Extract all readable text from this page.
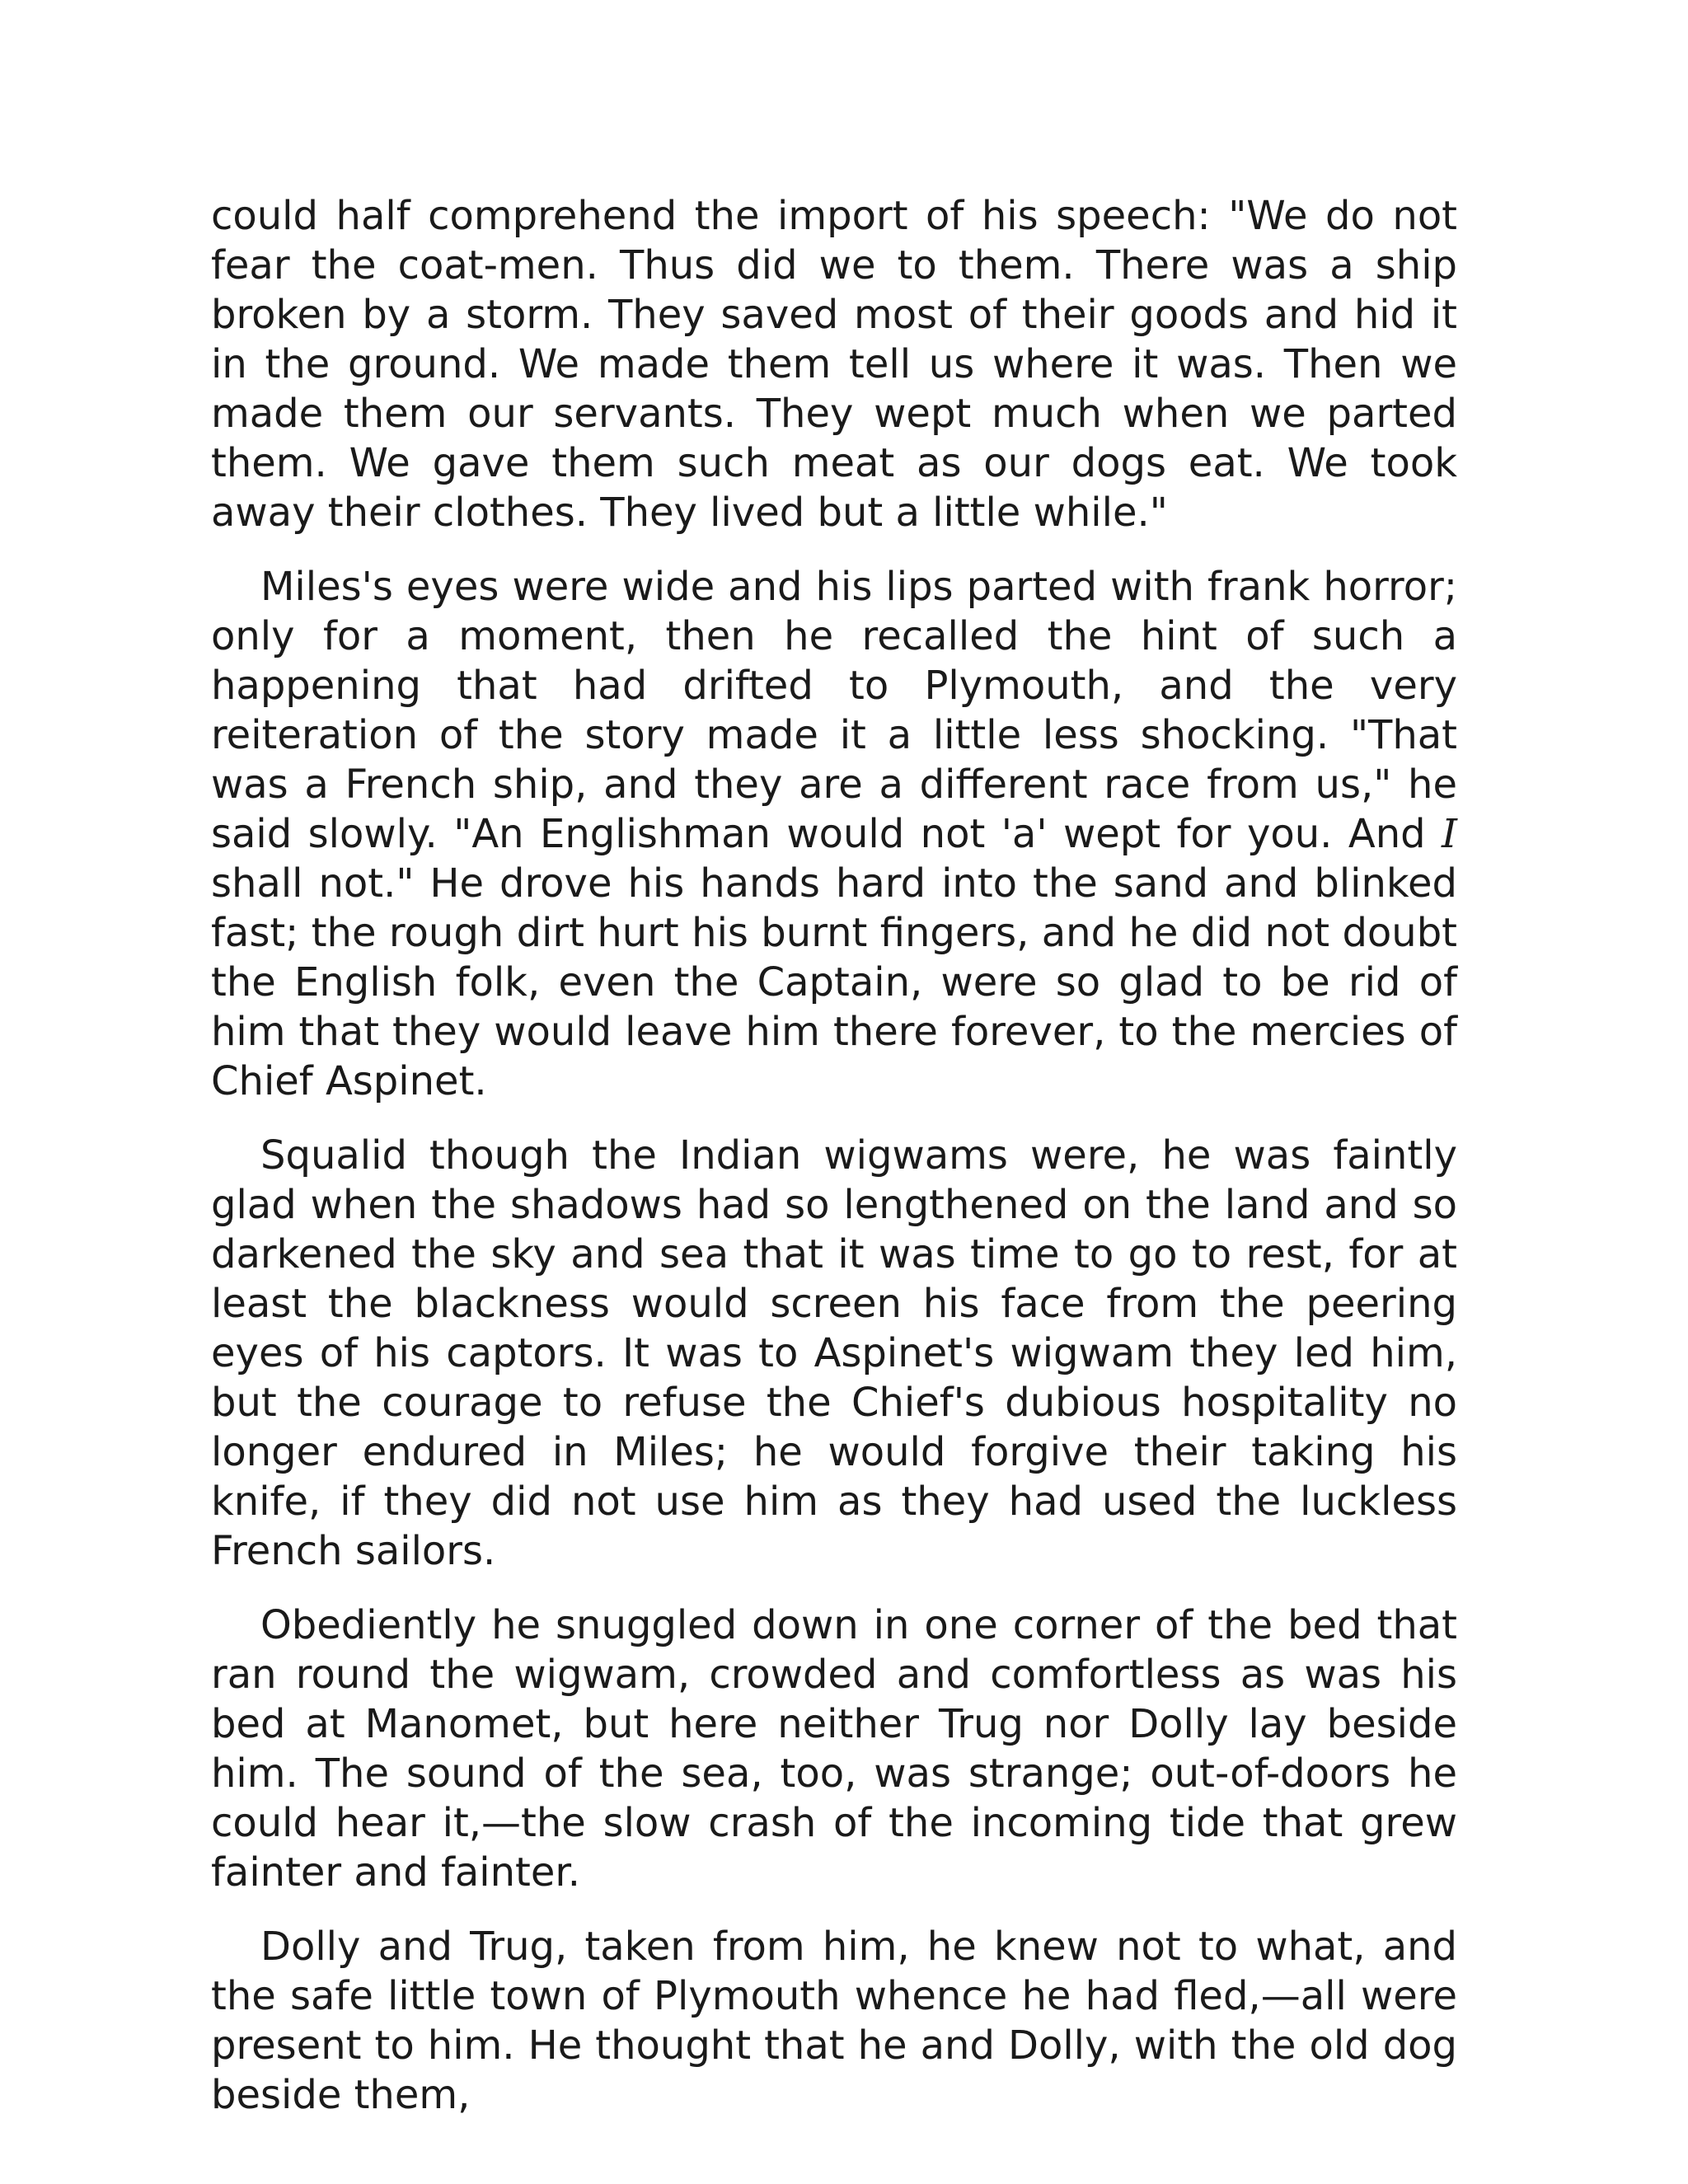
could half comprehend the import of his speech: "We do not fear the coat-men. Thus did we to them. There was a ship broken by a storm. They saved most of their goods and hid it in the ground. We made them tell us where it was. Then we made them our servants. They wept much when we parted them. We gave them such meat as our dogs eat. We took away their clothes. They lived but a little while."

Miles's eyes were wide and his lips parted with frank horror; only for a moment, then he recalled the hint of such a happening that had drifted to Plymouth, and the very reiteration of the story made it a little less shocking. "That was a French ship, and they are a different race from us," he said slowly. "An Englishman would not 'a' wept for you. And I shall not." He drove his hands hard into the sand and blinked fast; the rough dirt hurt his burnt fingers, and he did not doubt the English folk, even the Captain, were so glad to be rid of him that they would leave him there forever, to the mercies of Chief Aspinet.

Squalid though the Indian wigwams were, he was faintly glad when the shadows had so lengthened on the land and so darkened the sky and sea that it was time to go to rest, for at least the blackness would screen his face from the peering eyes of his captors. It was to Aspinet's wigwam they led him, but the courage to refuse the Chief's dubious hospitality no longer endured in Miles; he would forgive their taking his knife, if they did not use him as they had used the luckless French sailors.

Obediently he snuggled down in one corner of the bed that ran round the wigwam, crowded and comfortless as was his bed at Manomet, but here neither Trug nor Dolly lay beside him. The sound of the sea, too, was strange; out-of-doors he could hear it,—the slow crash of the incoming tide that grew fainter and fainter.

Dolly and Trug, taken from him, he knew not to what, and the safe little town of Plymouth whence he had fled,—all were present to him. He thought that he and Dolly, with the old dog beside them,
